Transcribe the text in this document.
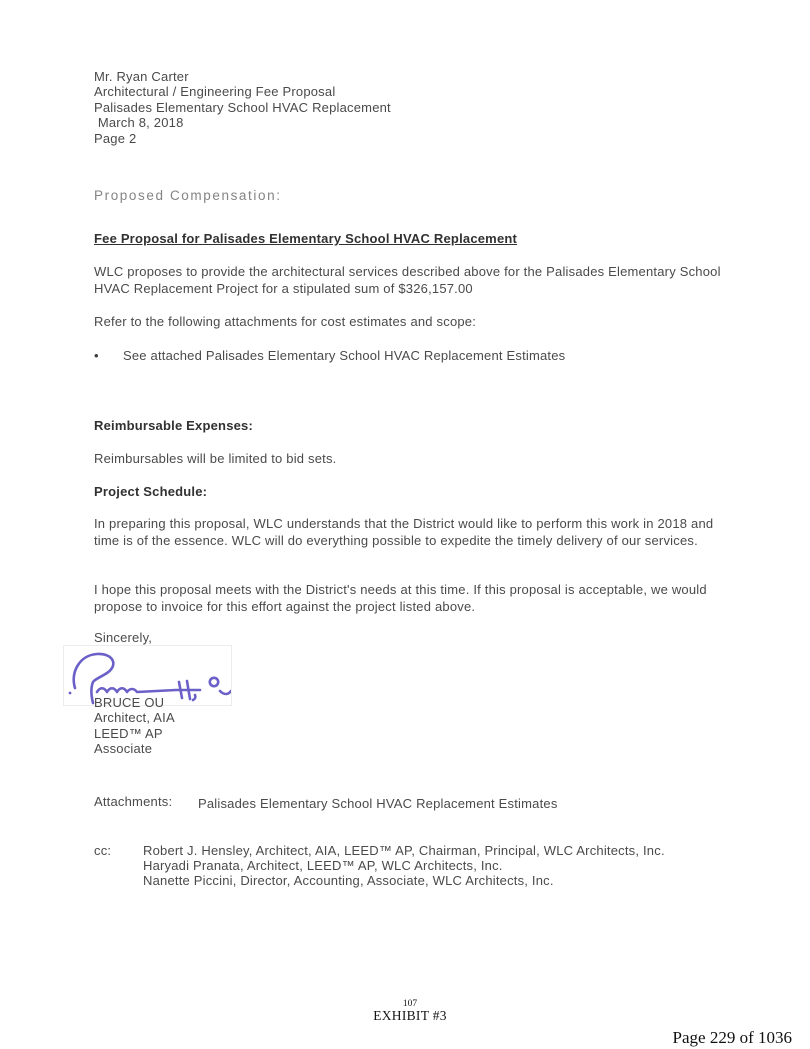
Mr. Ryan Carter
Architectural / Engineering Fee Proposal
Palisades Elementary School HVAC Replacement
March 8, 2018
Page 2
Proposed Compensation:
Fee Proposal for Palisades Elementary School HVAC Replacement
WLC proposes to provide the architectural services described above for the Palisades Elementary School HVAC Replacement Project for a stipulated sum of $326,157.00
Refer to the following attachments for cost estimates and scope:
•	See attached Palisades Elementary School HVAC Replacement Estimates
Reimbursable Expenses:
Reimbursables will be limited to bid sets.
Project Schedule:
In preparing this proposal, WLC understands that the District would like to perform this work in 2018 and time is of the essence. WLC will do everything possible to expedite the timely delivery of our services.
I hope this proposal meets with the District's needs at this time. If this proposal is acceptable, we would propose to invoice for this effort against the project listed above.
Sincerely,
BRUCE OU
Architect, AIA
LEED™ AP
Associate
Attachments: Palisades Elementary School HVAC Replacement Estimates
cc:	Robert J. Hensley, Architect, AIA, LEED™ AP, Chairman, Principal, WLC Architects, Inc.
Haryadi Pranata, Architect, LEED™ AP, WLC Architects, Inc.
Nanette Piccini, Director, Accounting, Associate, WLC Architects, Inc.
107
EXHIBIT #3
Page 229 of 1036
